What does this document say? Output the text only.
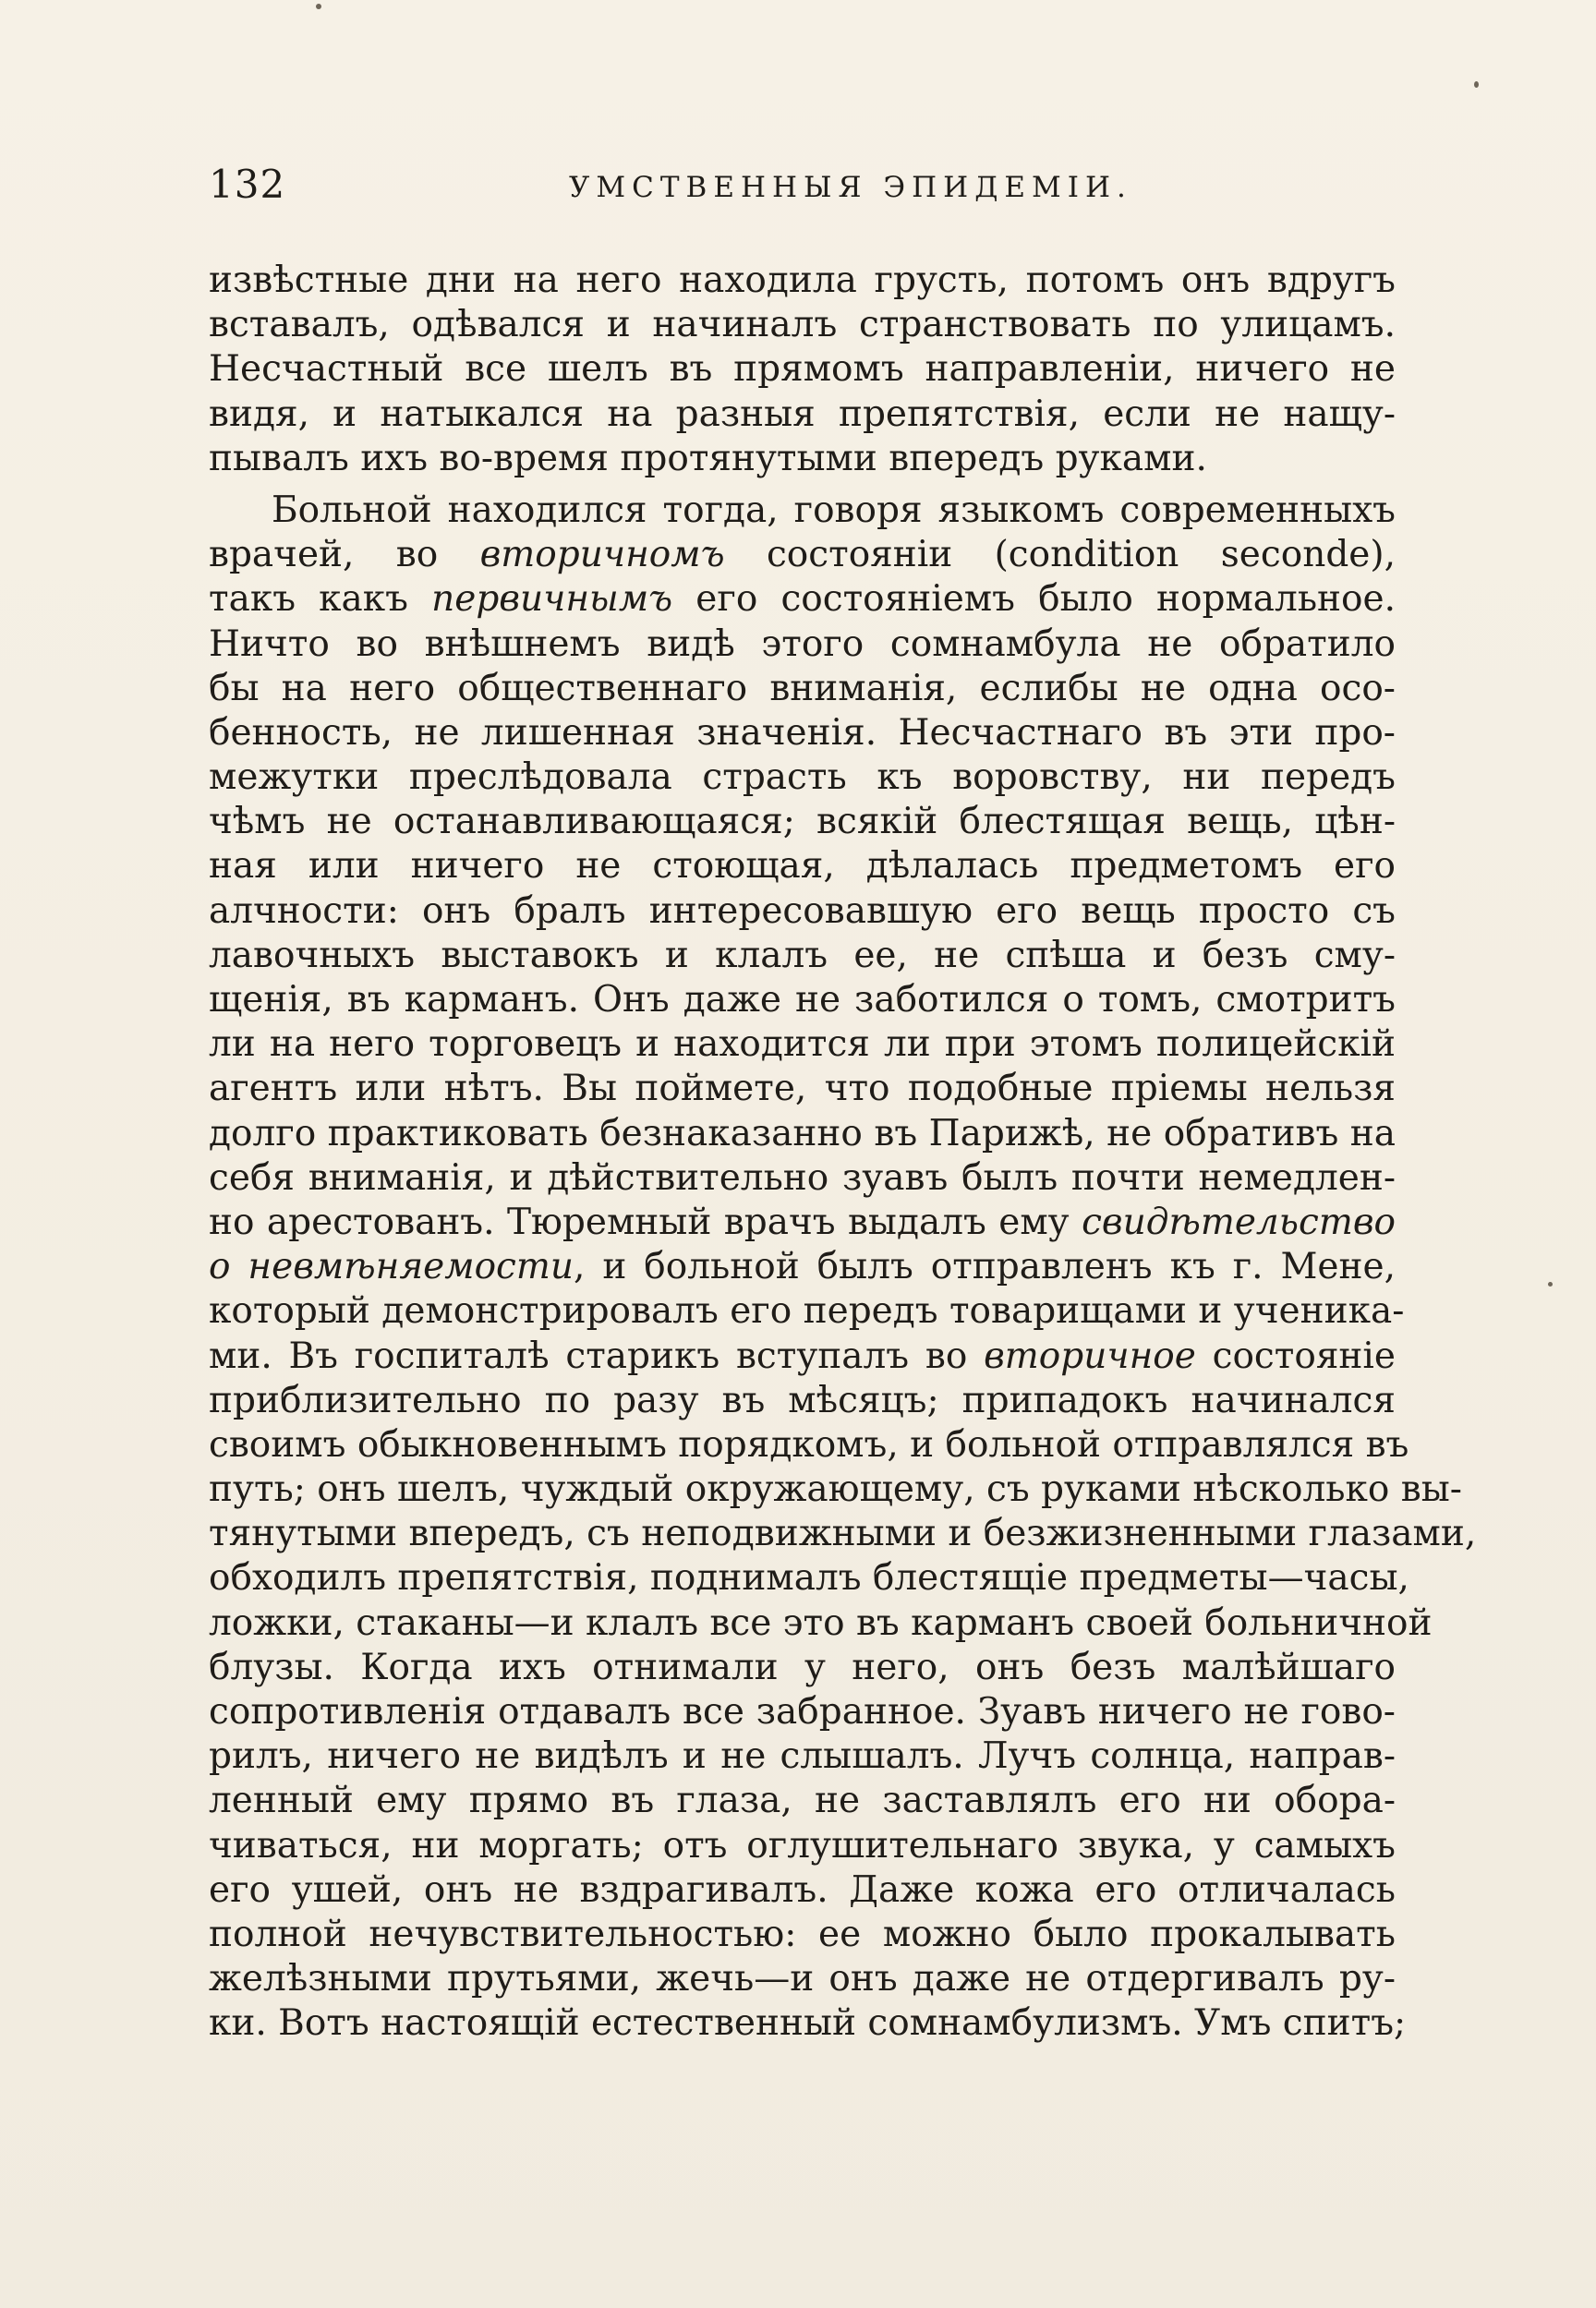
132	УМСТВЕННЫЯ ЭПИДЕМІИ.
извѣстные дни на него находила грусть, потомъ онъ вдругъ
вставалъ, одѣвался и начиналъ странствовать по улицамъ.
Несчастный все шелъ въ прямомъ направленіи, ничего не
видя, и натыкался на разныя препятствія, если не нащу-
пывалъ ихъ во-время протянутыми впередъ руками.
Больной находился тогда, говоря языкомъ современныхъ
врачей, во вторичномъ состояніи (condition seconde),
такъ какъ первичнымъ его состояніемъ было нормальное.
Ничто во внѣшнемъ видѣ этого сомнамбула не обратило
бы на него общественнаго вниманія, еслибы не одна осо-
бенность, не лишенная значенія. Несчастнаго въ эти про-
межутки преслѣдовала страсть къ воровству, ни передъ
чѣмъ не останавливающаяся; всякій блестящая вещь, цѣн-
ная или ничего не стоющая, дѣлалась предметомъ его
алчности: онъ бралъ интересовавшую его вещь просто съ
лавочныхъ выставокъ и клалъ ее, не спѣша и безъ сму-
щенія, въ карманъ. Онъ даже не заботился о томъ, смотритъ
ли на него торговецъ и находится ли при этомъ полицейскій
агентъ или нѣтъ. Вы поймете, что подобные пріемы нельзя
долго практиковать безнаказанно въ Парижѣ, не обративъ на
себя вниманія, и дѣйствительно зуавъ былъ почти немедлен-
но арестованъ. Тюремный врачъ выдалъ ему свидѣтельство
о невмѣняемости, и больной былъ отправленъ къ г. Мене,
который демонстрировалъ его передъ товарищами и ученика-
ми. Въ госпиталѣ старикъ вступалъ во вторичное состояніе
приблизительно по разу въ мѣсяцъ; припадокъ начинался
своимъ обыкновеннымъ порядкомъ, и больной отправлялся въ
путь; онъ шелъ, чуждый окружающему, съ руками нѣсколько вы-
тянутыми впередъ, съ неподвижными и безжизненными глазами,
обходилъ препятствія, поднималъ блестящіе предметы—часы,
ложки, стаканы—и клалъ все это въ карманъ своей больничной
блузы. Когда ихъ отнимали у него, онъ безъ малѣйшаго
сопротивленія отдавалъ все забранное. Зуавъ ничего не гово-
рилъ, ничего не видѣлъ и не слышалъ. Лучъ солнца, направ-
ленный ему прямо въ глаза, не заставлялъ его ни обора-
чиваться, ни моргать; отъ оглушительнаго звука, у самыхъ
его ушей, онъ не вздрагивалъ. Даже кожа его отличалась
полной нечувствительностью: ее можно было прокалывать
желѣзными прутьями, жечь—и онъ даже не отдергивалъ ру-
ки. Вотъ настоящій естественный сомнамбулизмъ. Умъ спитъ;
